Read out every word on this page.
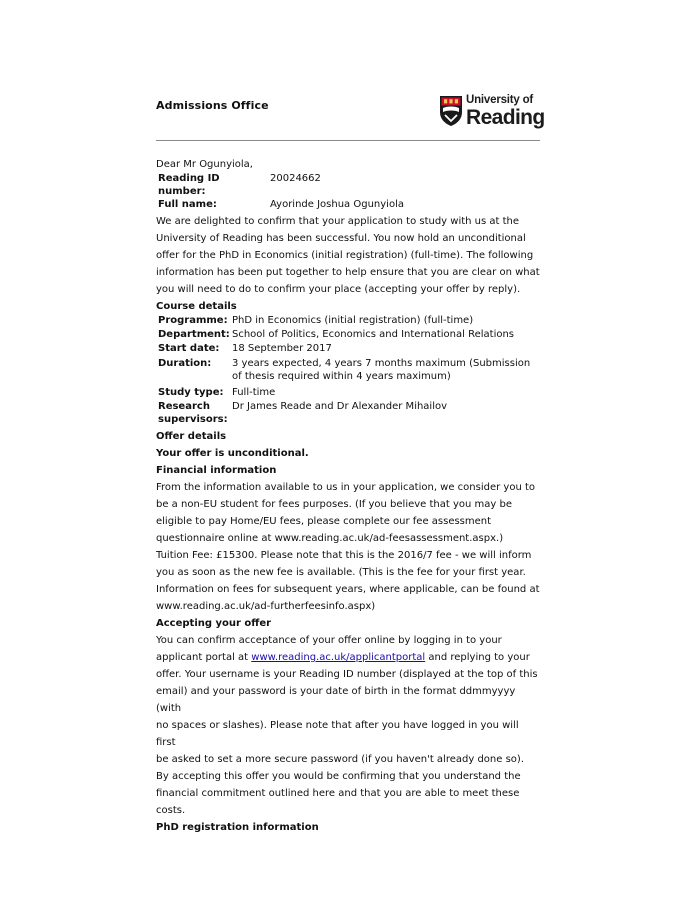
Admissions Office	University of
Reading

Dear Mr Ogunyiola,

Reading ID number:
20024662
Full name:	Ayorinde Joshua Ogunyiola

We are delighted to confirm that your application to study with us at the

University of Reading has been successful. You now hold an unconditional

offer for the PhD in Economics (initial registration) (full-time). The following

information has been put together to help ensure that you are clear on what

you will need to do to confirm your place (accepting your offer by reply).

Course details

Programme: PhD in Economics (initial registration) (full-time)
Department: School of Politics, Economics and International Relations
Start date:	18 September 2017
Duration:	3 years expected, 4 years 7 months maximum (Submission
of thesis required within 4 years maximum)
Study type: Full-time
Research
supervisors:
Dr James Reade and Dr Alexander Mihailov

Offer details

Your offer is unconditional.

Financial information

From the information available to us in your application, we consider you to

be a non-EU student for fees purposes. (If you believe that you may be

eligible to pay Home/EU fees, please complete our fee assessment

questionnaire online at www.reading.ac.uk/ad-feesassessment.aspx.)

Tuition Fee: £15300. Please note that this is the 2016/7 fee - we will inform

you as soon as the new fee is available. (This is the fee for your first year.

Information on fees for subsequent years, where applicable, can be found at

www.reading.ac.uk/ad-furtherfeesinfo.aspx)

Accepting your offer

You can confirm acceptance of your offer online by logging in to your

applicant portal at www.reading.ac.uk/applicantportal and replying to your

offer. Your username is your Reading ID number (displayed at the top of this

email) and your password is your date of birth in the format ddmmyyyy (with

no spaces or slashes). Please note that after you have logged in you will first

be asked to set a more secure password (if you haven't already done so).

By accepting this offer you would be confirming that you understand the

financial commitment outlined here and that you are able to meet these

costs.

PhD registration information
